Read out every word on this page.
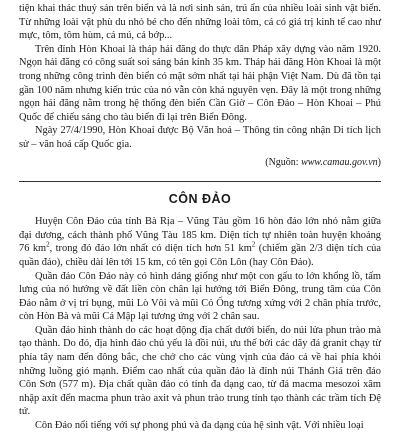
tiện khai thác thuỷ sản trên biển và là nơi sinh sản, trú ẩn của nhiều loài sinh vật biển. Từ những loài vật phù du nhỏ bé cho đến những loài tôm, cá có giá trị kinh tế cao như mực, tôm, tôm hùm, cá mú, cá bớp...

Trên đỉnh Hòn Khoai là tháp hải đăng do thực dân Pháp xây dựng vào năm 1920. Ngọn hải đăng có công suất soi sáng bán kính 35 km. Tháp hải đăng Hòn Khoai là một trong những công trình đèn biển có mặt sớm nhất tại hải phận Việt Nam. Dù đã tồn tại gần 100 năm nhưng kiến trúc của nó vẫn còn khá nguyên vẹn. Đây là một trong những ngọn hải đăng nằm trong hệ thống đèn biển Cần Giờ – Côn Đảo – Hòn Khoai – Phú Quốc để chiếu sáng cho tàu biển đi lại trên Biển Đông.

Ngày 27/4/1990, Hòn Khoai được Bộ Văn hoá – Thông tin công nhận Di tích lịch sử – văn hoá cấp Quốc gia.

(Nguồn: www.camau.gov.vn)

CÔN ĐẢO

Huyện Côn Đảo của tỉnh Bà Rịa – Vũng Tàu gồm 16 hòn đảo lớn nhỏ nằm giữa đại dương, cách thành phố Vũng Tàu 185 km. Diện tích tự nhiên toàn huyện khoảng 76 $km^2$, trong đó đảo lớn nhất có diện tích hơn 51 $km^2$ (chiếm gần 2/3 diện tích của quần đảo), chiều dài lên tới 15 km, có tên gọi Côn Lôn (hay Côn Đảo).

Quần đảo Côn Đảo này có hình dáng giống như một con gấu to lớn khổng lồ, tấm lưng của nó hướng về đất liền còn chân lại hướng tới Biển Đông, trung tâm của Côn Đảo nằm ở vị trí bụng, mũi Lò Vôi và mũi Cỏ Ống tương xứng với 2 chân phía trước, còn Hòn Bà và mũi Cá Mập lại tương ứng với 2 chân sau.

Quần đảo hình thành do các hoạt động địa chất dưới biển, do núi lửa phun trào mà tạo thành. Do đó, địa hình đảo chủ yếu là đồi núi, ưu thế bởi các dãy đá granit chạy từ phía tây nam đến đông bắc, che chở cho các vùng vịnh của đảo cả về hai phía khỏi những luồng gió mạnh. Điểm cao nhất của quần đảo là đỉnh núi Thánh Giá trên đảo Côn Sơn (577 m). Địa chất quần đảo có tính đa dạng cao, từ đá macma mesozoi xâm nhập axít đến macma phun trào axit và phun trào trung tính tạo thành các trầm tích Đệ tứ.

Côn Đảo nổi tiếng với sự phong phú và đa dạng của hệ sinh vật. Với nhiều loại
